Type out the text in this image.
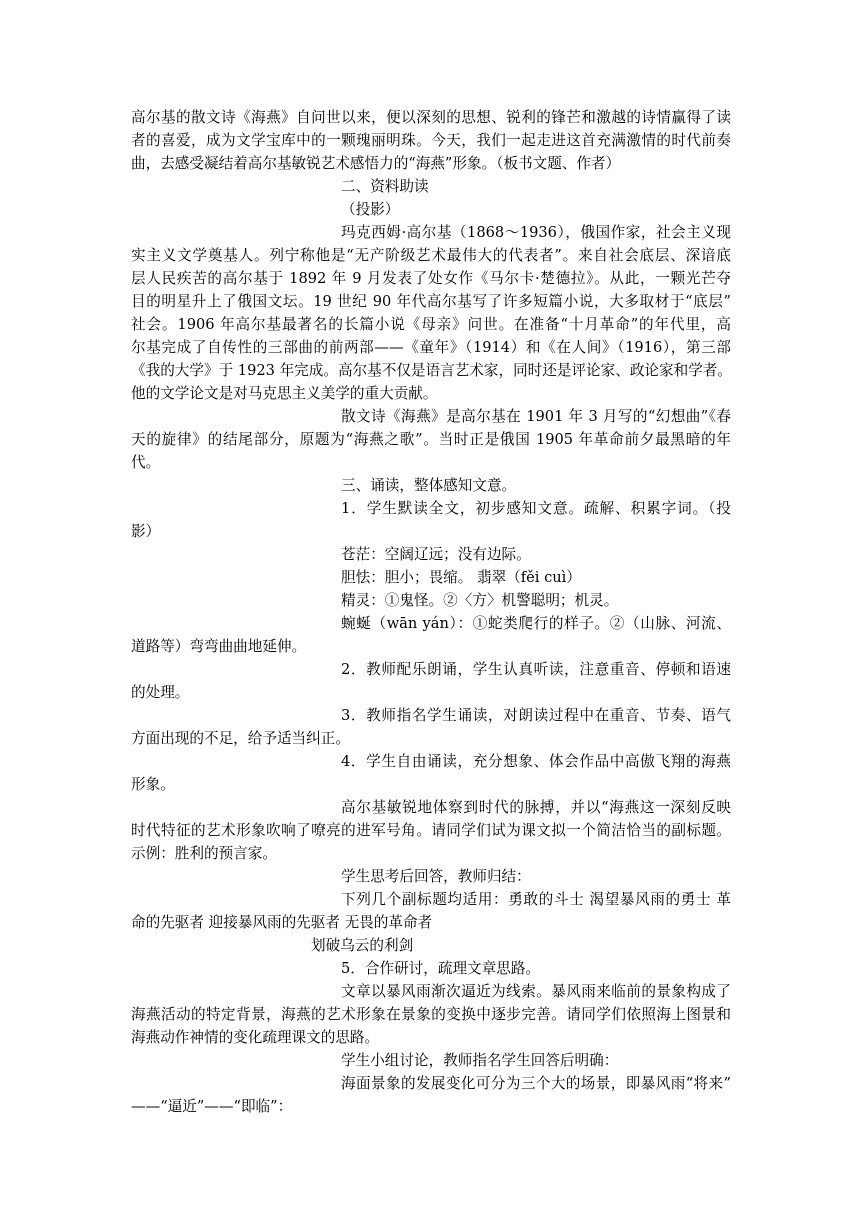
高尔基的散文诗《海燕》自问世以来，便以深刻的思想、锐利的锋芒和激越的诗情赢得了读
者的喜爱，成为文学宝库中的一颗瑰丽明珠。今天，我们一起走进这首充满激情的时代前奏
曲，去感受凝结着高尔基敏锐艺术感悟力的“海燕”形象。（板书文题、作者）
二、资料助读
（投影）
玛克西姆·高尔基（1868～1936），俄国作家，社会主义现
实主义文学奠基人。列宁称他是“无产阶级艺术最伟大的代表者”。来自社会底层、深谙底
层人民疾苦的高尔基于 1892 年 9 月发表了处女作《马尔卡·楚德拉》。从此，一颗光芒夺
目的明星升上了俄国文坛。19 世纪 90 年代高尔基写了许多短篇小说，大多取材于“底层”
社会。1906 年高尔基最著名的长篇小说《母亲》问世。在准备“十月革命”的年代里，高
尔基完成了自传性的三部曲的前两部——《童年》（1914）和《在人间》（1916），第三部
《我的大学》于 1923 年完成。高尔基不仅是语言艺术家，同时还是评论家、政论家和学者。
他的文学论文是对马克思主义美学的重大贡献。
散文诗《海燕》是高尔基在 1901 年 3 月写的“幻想曲”《春
天的旋律》的结尾部分，原题为“海燕之歌”。当时正是俄国 1905 年革命前夕最黑暗的年
代。
三、诵读，整体感知文意。
1．学生默读全文，初步感知文意。疏解、积累字词。（投
影）
苍茫：空阔辽远；没有边际。
胆怯：胆小；畏缩。 翡翠（fěi cuì）
精灵：①鬼怪。②〈方〉机警聪明；机灵。
蜿蜒（wān yán）：①蛇类爬行的样子。②（山脉、河流、
道路等）弯弯曲曲地延伸。
2．教师配乐朗诵，学生认真听读，注意重音、停顿和语速
的处理。
3．教师指名学生诵读，对朗读过程中在重音、节奏、语气
方面出现的不足，给予适当纠正。
4．学生自由诵读，充分想象、体会作品中高傲飞翔的海燕
形象。
高尔基敏锐地体察到时代的脉搏，并以“海燕这一深刻反映
时代特征的艺术形象吹响了嘹亮的进军号角。请同学们试为课文拟一个简洁恰当的副标题。
示例：胜利的预言家。
学生思考后回答，教师归结：
下列几个副标题均适用：勇敢的斗士 渴望暴风雨的勇士 革
命的先驱者 迎接暴风雨的先驱者 无畏的革命者
划破乌云的利剑
5．合作研讨，疏理文章思路。
文章以暴风雨渐次逼近为线索。暴风雨来临前的景象构成了
海燕活动的特定背景，海燕的艺术形象在景象的变换中逐步完善。请同学们依照海上图景和
海燕动作神情的变化疏理课文的思路。
学生小组讨论，教师指名学生回答后明确：
海面景象的发展变化可分为三个大的场景，即暴风雨“将来”
——“逼近”——“即临”：
